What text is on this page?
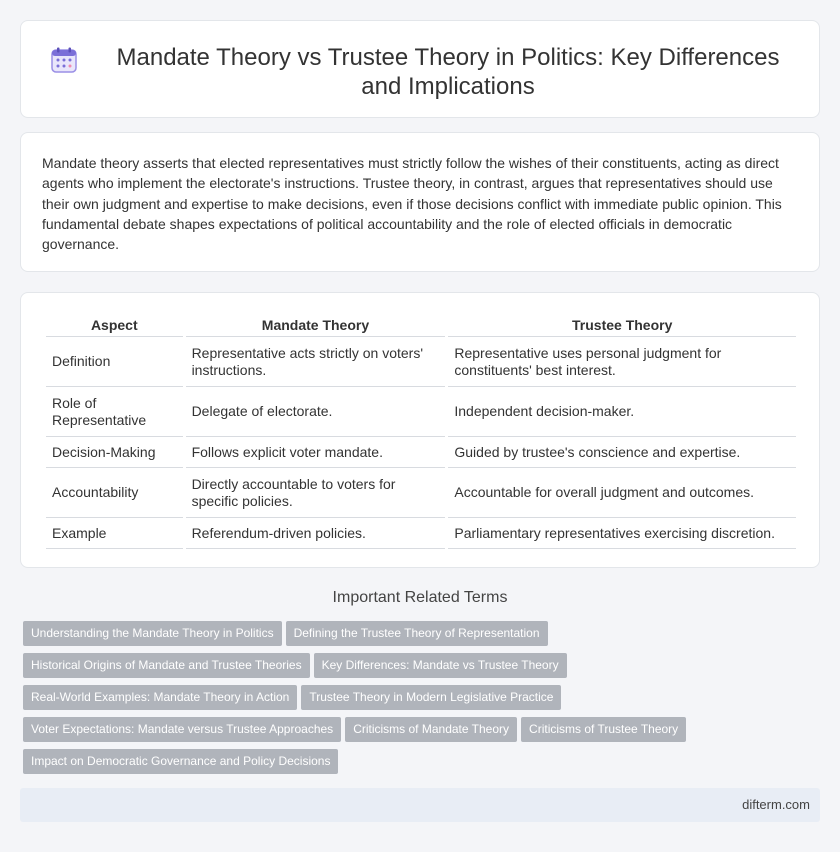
Mandate Theory vs Trustee Theory in Politics: Key Differences and Implications

Mandate theory asserts that elected representatives must strictly follow the wishes of their constituents, acting as direct agents who implement the electorate's instructions. Trustee theory, in contrast, argues that representatives should use their own judgment and expertise to make decisions, even if those decisions conflict with immediate public opinion. This fundamental debate shapes expectations of political accountability and the role of elected officials in democratic governance.

Aspect	Mandate Theory	Trustee Theory
Definition	Representative acts strictly on voters' instructions.	Representative uses personal judgment for constituents' best interest.
Role of Representative	Delegate of electorate.	Independent decision-maker.
Decision-Making	Follows explicit voter mandate.	Guided by trustee's conscience and expertise.
Accountability	Directly accountable to voters for specific policies.	Accountable for overall judgment and outcomes.
Example	Referendum-driven policies.	Parliamentary representatives exercising discretion.
Important Related Terms
Understanding the Mandate Theory in Politics Defining the Trustee Theory of Representation
Historical Origins of Mandate and Trustee Theories Key Differences: Mandate vs Trustee Theory
Real-World Examples: Mandate Theory in Action Trustee Theory in Modern Legislative Practice
Voter Expectations: Mandate versus Trustee Approaches Criticisms of Mandate Theory Criticisms of Trustee Theory
Impact on Democratic Governance and Policy Decisions
difterm.com
